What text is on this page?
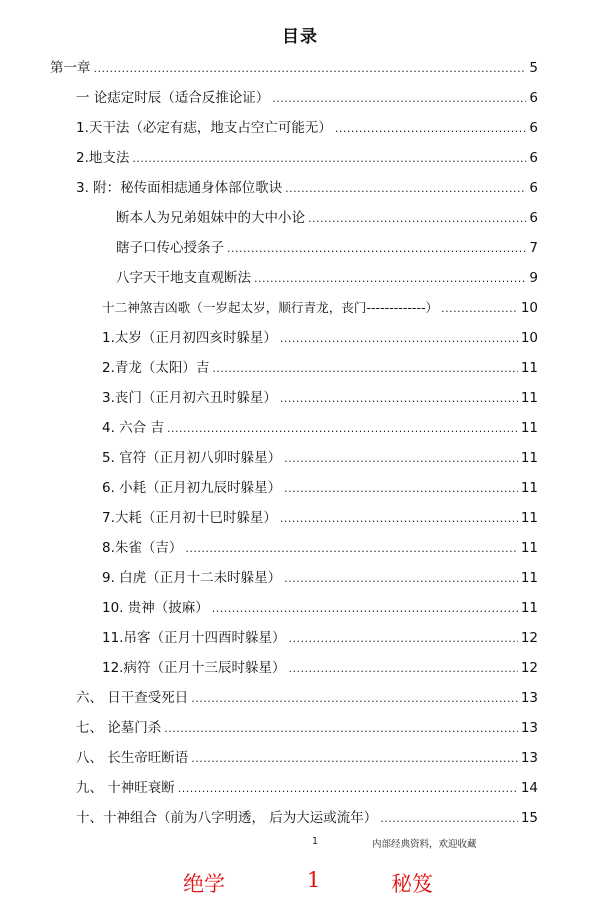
目录
第一章 .....	5
一 论痣定时辰（适合反推论证） .....	6
1.天干法（必定有痣，地支占空亡可能无） .....	6
2.地支法 .....	6
3. 附：秘传面相痣通身体部位歌诀 .....	6
断本人为兄弟姐妹中的大中小论 .....	6
瞎子口传心授条子 .....	7
八字天干地支直观断法 .....	9
十二神煞吉凶歌（一岁起太岁，顺行青龙，丧门-------------） .....	10
1.太岁（正月初四亥时躲星） .....	10
2.青龙（太阳）吉 .....	11
3.丧门（正月初六丑时躲星） .....	11
4. 六合 吉 .....	11
5. 官符（正月初八卯时躲星） .....	11
6. 小耗（正月初九辰时躲星） .....	11
7.大耗（正月初十巳时躲星） .....	11
8.朱雀（吉） .....	11
9. 白虎（正月十二未时躲星） .....	11
10. 贵神（披麻） .....	11
11.吊客（正月十四酉时躲星） .....	12
12.病符（正月十三辰时躲星） .....	12
六、 日干查受死日 .....	13
七、 论墓门杀 .....	13
八、 长生帝旺断语 .....	13
九、 十神旺衰断 .....	14
十、十神组合（前为八字明透， 后为大运或流年） .....	15
1	内部经典资料，欢迎收藏
绝学	1	秘笈
